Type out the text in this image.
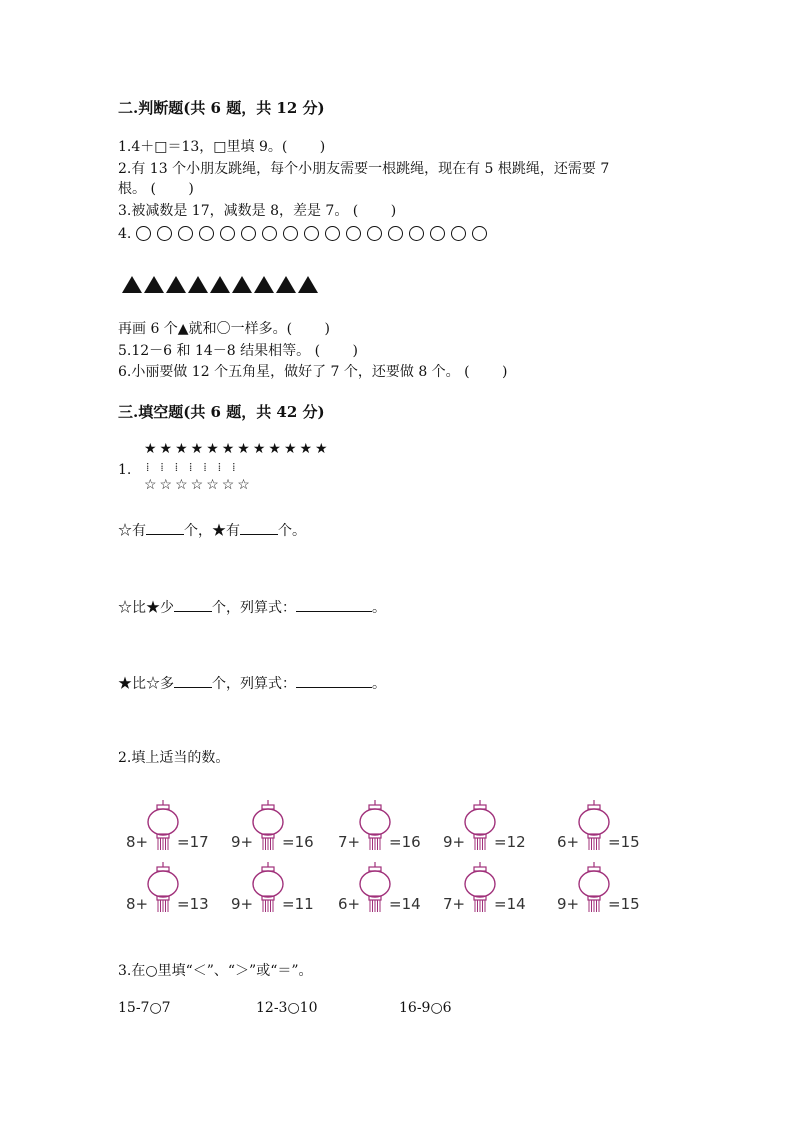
二.判断题(共 6 题，共 12 分)
1.4＋□＝13，□里填 9。(　　 )
2.有 13 个小朋友跳绳，每个小朋友需要一根跳绳，现在有 5 根跳绳，还需要 7
根。 (　　 )
3.被减数是 17，减数是 8，差是 7。 (　　 )
4.
再画 6 个▲就和〇一样多。(　　 )
5.12－6 和 14－8 结果相等。 (　　 )
6.小丽要做 12 个五角星，做好了 7 个，还要做 8 个。 (　　 )
三.填空题(共 6 题，共 42 分)
★★★★★★★★★★★★
1. ⁞ ⁞ ⁞ ⁞ ⁞ ⁞ ⁞
☆☆☆☆☆☆☆
☆有	个，★有	个。
☆比★少	个，列算式：	。
★比☆多	个，列算式：	。
2.填上适当的数。
8+ =17 9+ =16 7+ =16 9+ =12 6+ =15
8+ =13 9+ =11 6+ =14 7+ =14 9+ =15
3.在○里填“＜”、“＞”或“＝”。
15-7○7	12-3○10	16-9○6
